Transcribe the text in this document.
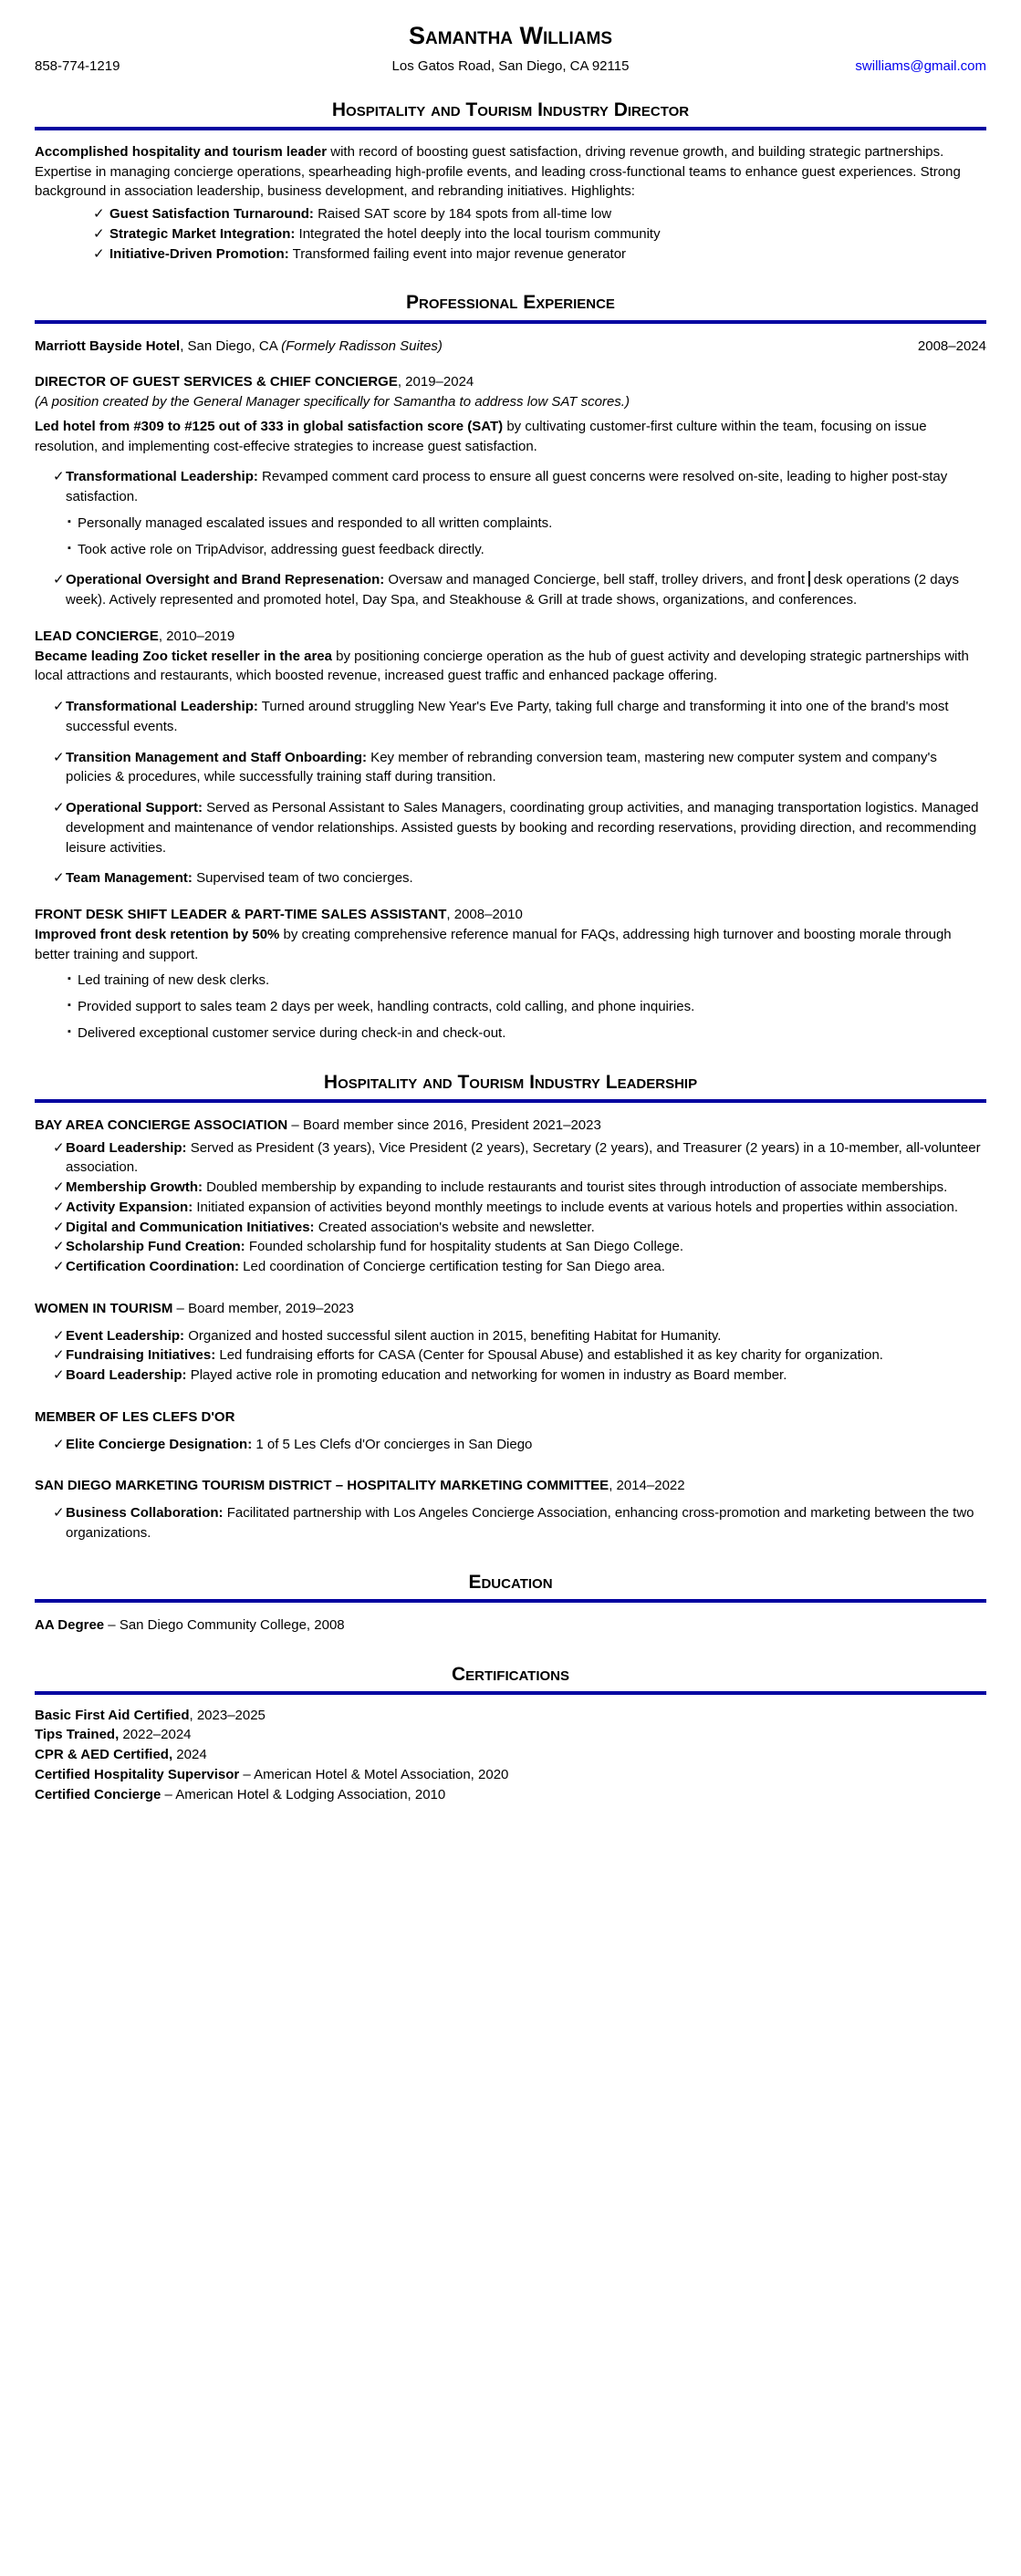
Samantha Williams
858-774-1219	Los Gatos Road, San Diego, CA 92115	swilliams@gmail.com
Hospitality and Tourism Industry Director

Accomplished hospitality and tourism leader with record of boosting guest satisfaction, driving revenue growth, and building strategic partnerships. Expertise in managing concierge operations, spearheading high-profile events, and leading cross-functional teams to enhance guest experiences. Strong background in association leadership, business development, and rebranding initiatives. Highlights:

✓ Guest Satisfaction Turnaround: Raised SAT score by 184 spots from all-time low
✓ Strategic Market Integration: Integrated the hotel deeply into the local tourism community
✓ Initiative-Driven Promotion: Transformed failing event into major revenue generator
Professional Experience
Marriott Bayside Hotel, San Diego, CA (Formely Radisson Suites)	2008–2024
DIRECTOR OF GUEST SERVICES & CHIEF CONCIERGE, 2019–2024
(A position created by the General Manager specifically for Samantha to address low SAT scores.)

Led hotel from #309 to #125 out of 333 in global satisfaction score (SAT) by cultivating customer-first culture within the team, focusing on issue resolution, and implementing cost-effecive strategies to increase guest satisfaction.

✓ Transformational Leadership: Revamped comment card process to ensure all guest concerns were resolved on-site, leading to higher post-stay satisfaction.
▪ Personally managed escalated issues and responded to all written complaints.
▪ Took active role on TripAdvisor, addressing guest feedback directly.
✓ Operational Oversight and Brand Represenation: Oversaw and managed Concierge, bell staff, trolley drivers, and front desk operations (2 days week). Actively represented and promoted hotel, Day Spa, and Steakhouse & Grill at trade shows, organizations, and conferences.
LEAD CONCIERGE, 2010–2019

Became leading Zoo ticket reseller in the area by positioning concierge operation as the hub of guest activity and developing strategic partnerships with local attractions and restaurants, which boosted revenue, increased guest traffic and enhanced package offering.

✓ Transformational Leadership: Turned around struggling New Year's Eve Party, taking full charge and transforming it into one of the brand's most successful events.
✓ Transition Management and Staff Onboarding: Key member of rebranding conversion team, mastering new computer system and company's policies & procedures, while successfully training staff during transition.
✓ Operational Support: Served as Personal Assistant to Sales Managers, coordinating group activities, and managing transportation logistics. Managed development and maintenance of vendor relationships. Assisted guests by booking and recording reservations, providing direction, and recommending leisure activities.
✓ Team Management: Supervised team of two concierges.
FRONT DESK SHIFT LEADER & PART-TIME SALES ASSISTANT, 2008–2010

Improved front desk retention by 50% by creating comprehensive reference manual for FAQs, addressing high turnover and boosting morale through better training and support.

▪ Led training of new desk clerks.
▪ Provided support to sales team 2 days per week, handling contracts, cold calling, and phone inquiries.
▪ Delivered exceptional customer service during check-in and check-out.
Hospitality and Tourism Industry Leadership
BAY AREA CONCIERGE ASSOCIATION – Board member since 2016, President 2021–2023
✓ Board Leadership: Served as President (3 years), Vice President (2 years), Secretary (2 years), and Treasurer (2 years) in a 10-member, all-volunteer association.
✓ Membership Growth: Doubled membership by expanding to include restaurants and tourist sites through introduction of associate memberships.
✓ Activity Expansion: Initiated expansion of activities beyond monthly meetings to include events at various hotels and properties within association.
✓ Digital and Communication Initiatives: Created association's website and newsletter.
✓ Scholarship Fund Creation: Founded scholarship fund for hospitality students at San Diego College.
✓ Certification Coordination: Led coordination of Concierge certification testing for San Diego area.
WOMEN IN TOURISM – Board member, 2019–2023
✓ Event Leadership: Organized and hosted successful silent auction in 2015, benefiting Habitat for Humanity.
✓ Fundraising Initiatives: Led fundraising efforts for CASA (Center for Spousal Abuse) and established it as key charity for organization.
✓ Board Leadership: Played active role in promoting education and networking for women in industry as Board member.
MEMBER OF LES CLEFS D'OR
✓ Elite Concierge Designation: 1 of 5 Les Clefs d'Or concierges in San Diego
SAN DIEGO MARKETING TOURISM DISTRICT – HOSPITALITY MARKETING COMMITTEE, 2014–2022
✓ Business Collaboration: Facilitated partnership with Los Angeles Concierge Association, enhancing cross-promotion and marketing between the two organizations.
Education
AA Degree – San Diego Community College, 2008
Certifications
Basic First Aid Certified, 2023–2025
Tips Trained, 2022–2024
CPR & AED Certified, 2024
Certified Hospitality Supervisor – American Hotel & Motel Association, 2020
Certified Concierge – American Hotel & Lodging Association, 2010
